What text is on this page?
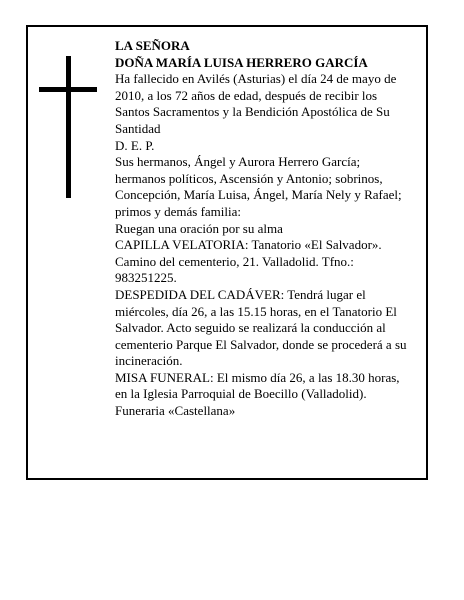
LA SEÑORA
DOÑA MARÍA LUISA HERRERO GARCÍA
Ha fallecido en Avilés (Asturias) el día 24 de mayo de
2010, a los 72 años de edad, después de recibir los
Santos Sacramentos y la Bendición Apostólica de Su
Santidad
D. E. P.
Sus hermanos, Ángel y Aurora Herrero García;
hermanos políticos, Ascensión y Antonio; sobrinos,
Concepción, María Luisa, Ángel, María Nely y Rafael;
primos y demás familia:
Ruegan una oración por su alma
CAPILLA VELATORIA: Tanatorio «El Salvador».
Camino del cementerio, 21. Valladolid. Tfno.:
983251225.
DESPEDIDA DEL CADÁVER: Tendrá lugar el
miércoles, día 26, a las 15.15 horas, en el Tanatorio El
Salvador. Acto seguido se realizará la conducción al
cementerio Parque El Salvador, donde se procederá a su
incineración.
MISA FUNERAL: El mismo día 26, a las 18.30 horas,
en la Iglesia Parroquial de Boecillo (Valladolid).
Funeraria «Castellana»
